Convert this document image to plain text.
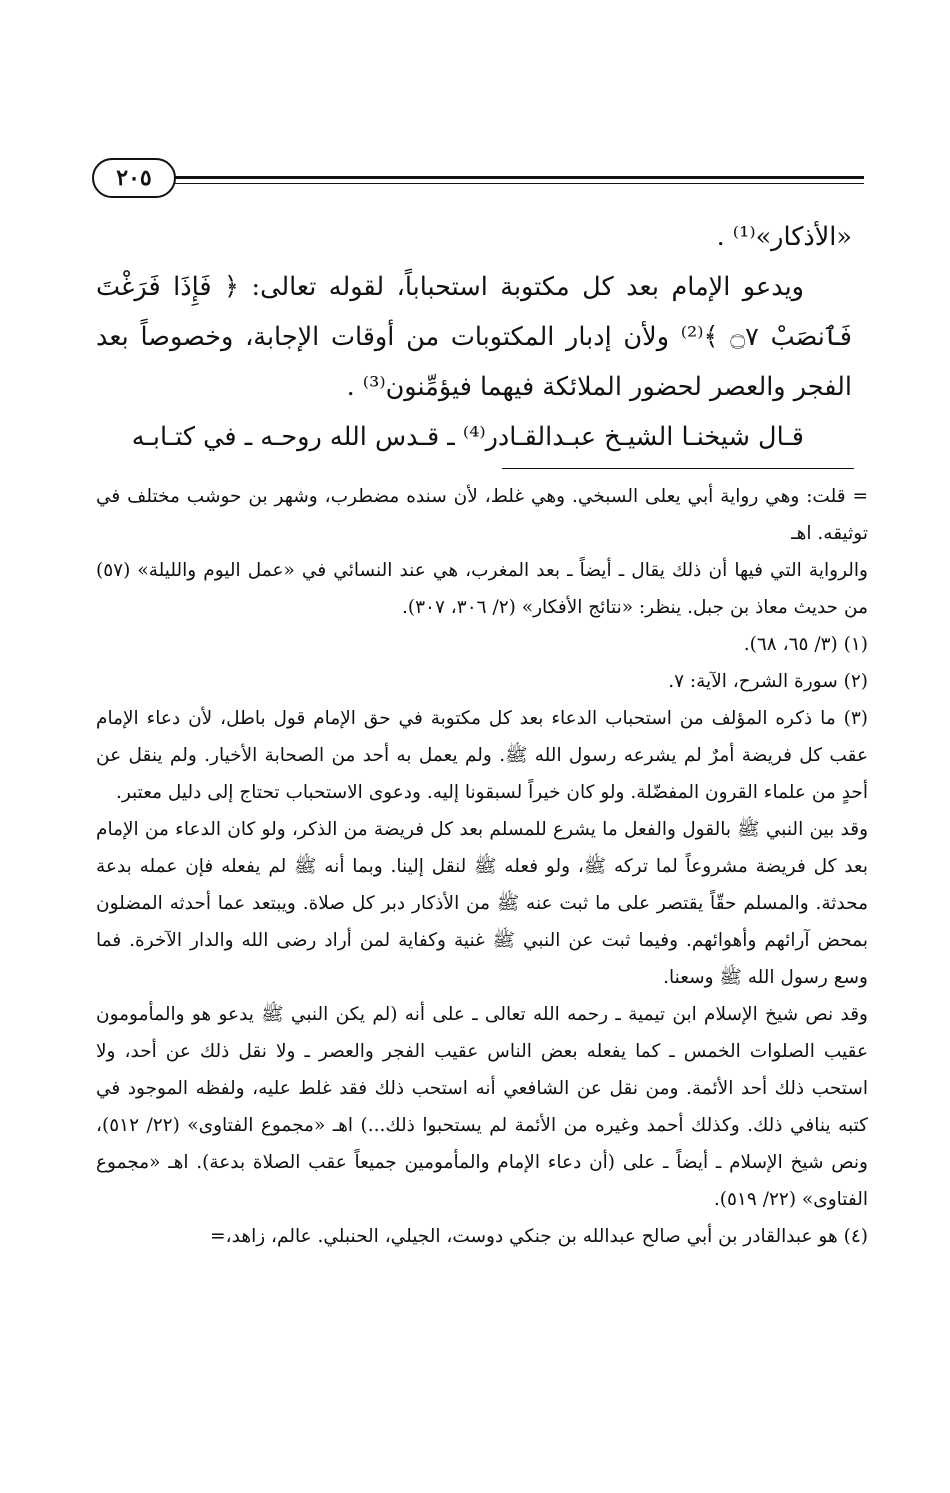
٢٠٥

«الأذكار»⁽¹⁾ .

ويدعو الإمام بعد كل مكتوبة استحباباً، لقوله تعالى: ﴿ فَإِذَا فَرَغْتَ فَٱنصَبْ ۝٧ ﴾⁽²⁾ ولأن إدبار المكتوبات من أوقات الإجابة، وخصوصاً بعد الفجر والعصر لحضور الملائكة فيهما فيؤمِّنون⁽³⁾ .

قـال شيخنـا الشيـخ عبـدالقـادر⁽⁴⁾ ـ قـدس الله روحـه ـ في كتـابـه

= قلت: وهي رواية أبي يعلى السبخي. وهي غلط، لأن سنده مضطرب، وشهر بن حوشب مختلف في توثيقه. اهـ

والرواية التي فيها أن ذلك يقال ـ أيضاً ـ بعد المغرب، هي عند النسائي في «عمل اليوم والليلة» (٥٧) من حديث معاذ بن جبل. ينظر: «نتائج الأفكار» (٢/ ٣٠٦، ٣٠٧).

(١) (٣/ ٦٥، ٦٨).

(٢) سورة الشرح، الآية: ٧.

(٣) ما ذكره المؤلف من استحباب الدعاء بعد كل مكتوبة في حق الإمام قول باطل، لأن دعاء الإمام عقب كل فريضة أمرٌ لم يشرعه رسول الله ﷺ. ولم يعمل به أحد من الصحابة الأخيار. ولم ينقل عن أحدٍ من علماء القرون المفضّلة. ولو كان خيراً لسبقونا إليه. ودعوى الاستحباب تحتاج إلى دليل معتبر.

وقد بين النبي ﷺ بالقول والفعل ما يشرع للمسلم بعد كل فريضة من الذكر، ولو كان الدعاء من الإمام بعد كل فريضة مشروعاً لما تركه ﷺ، ولو فعله ﷺ لنقل إلينا. وبما أنه ﷺ لم يفعله فإن عمله بدعة محدثة. والمسلم حقّاً يقتصر على ما ثبت عنه ﷺ من الأذكار دبر كل صلاة. ويبتعد عما أحدثه المضلون بمحض آرائهم وأهوائهم. وفيما ثبت عن النبي ﷺ غنية وكفاية لمن أراد رضى الله والدار الآخرة. فما وسع رسول الله ﷺ وسعنا.

وقد نص شيخ الإسلام ابن تيمية ـ رحمه الله تعالى ـ على أنه (لم يكن النبي ﷺ يدعو هو والمأمومون عقيب الصلوات الخمس ـ كما يفعله بعض الناس عقيب الفجر والعصر ـ ولا نقل ذلك عن أحد، ولا استحب ذلك أحد الأئمة. ومن نقل عن الشافعي أنه استحب ذلك فقد غلط عليه، ولفظه الموجود في كتبه ينافي ذلك. وكذلك أحمد وغيره من الأئمة لم يستحبوا ذلك...) اهـ «مجموع الفتاوى» (٢٢/ ٥١٢)، ونص شيخ الإسلام ـ أيضاً ـ على (أن دعاء الإمام والمأمومين جميعاً عقب الصلاة بدعة). اهـ «مجموع الفتاوى» (٢٢/ ٥١٩).

(٤) هو عبدالقادر بن أبي صالح عبدالله بن جنكي دوست، الجيلي، الحنبلي. عالم، زاهد،=
